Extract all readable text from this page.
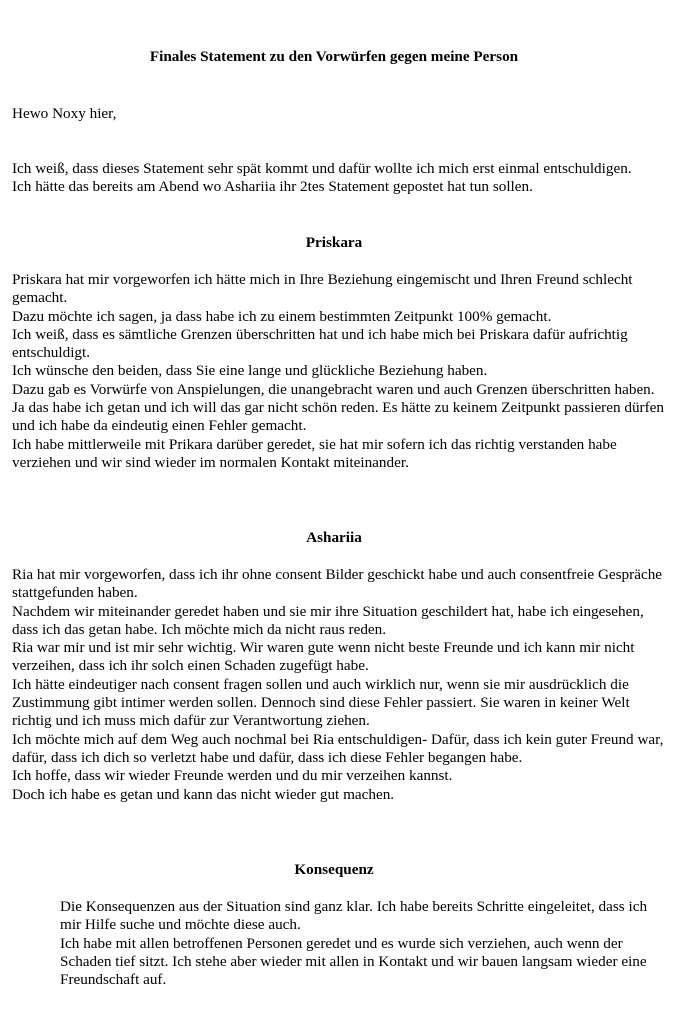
Finales Statement zu den Vorwürfen gegen meine Person

Hewo Noxy hier,

Ich weiß, dass dieses Statement sehr spät kommt und dafür wollte ich mich erst einmal entschuldigen.
Ich hätte das bereits am Abend wo Ashariia ihr 2tes Statement gepostet hat tun sollen.

Priskara

Priskara hat mir vorgeworfen ich hätte mich in Ihre Beziehung eingemischt und Ihren Freund schlecht gemacht.
Dazu möchte ich sagen, ja dass habe ich zu einem bestimmten Zeitpunkt 100% gemacht.
Ich weiß, dass es sämtliche Grenzen überschritten hat und ich habe mich bei Priskara dafür aufrichtig entschuldigt.
Ich wünsche den beiden, dass Sie eine lange und glückliche Beziehung haben.
Dazu gab es Vorwürfe von Anspielungen, die unangebracht waren und auch Grenzen überschritten haben.
Ja das habe ich getan und ich will das gar nicht schön reden. Es hätte zu keinem Zeitpunkt passieren dürfen und ich habe da eindeutig einen Fehler gemacht.
Ich habe mittlerweile mit Prikara darüber geredet, sie hat mir sofern ich das richtig verstanden habe verziehen und wir sind wieder im normalen Kontakt miteinander.

Ashariia

Ria hat mir vorgeworfen, dass ich ihr ohne consent Bilder geschickt habe und auch consentfreie Gespräche stattgefunden haben.
Nachdem wir miteinander geredet haben und sie mir ihre Situation geschildert hat, habe ich eingesehen, dass ich das getan habe. Ich möchte mich da nicht raus reden.
Ria war mir und ist mir sehr wichtig. Wir waren gute wenn nicht beste Freunde und ich kann mir nicht verzeihen, dass ich ihr solch einen Schaden zugefügt habe.
Ich hätte eindeutiger nach consent fragen sollen und auch wirklich nur, wenn sie mir ausdrücklich die Zustimmung gibt intimer werden sollen. Dennoch sind diese Fehler passiert. Sie waren in keiner Welt richtig und ich muss mich dafür zur Verantwortung ziehen.
Ich möchte mich auf dem Weg auch nochmal bei Ria entschuldigen- Dafür, dass ich kein guter Freund war, dafür, dass ich dich so verletzt habe und dafür, dass ich diese Fehler begangen habe.
Ich hoffe, dass wir wieder Freunde werden und du mir verzeihen kannst.
Doch ich habe es getan und kann das nicht wieder gut machen.

Konsequenz

Die Konsequenzen aus der Situation sind ganz klar. Ich habe bereits Schritte eingeleitet, dass ich mir Hilfe suche und möchte diese auch.
Ich habe mit allen betroffenen Personen geredet und es wurde sich verziehen, auch wenn der Schaden tief sitzt. Ich stehe aber wieder mit allen in Kontakt und wir bauen langsam wieder eine Freundschaft auf.
